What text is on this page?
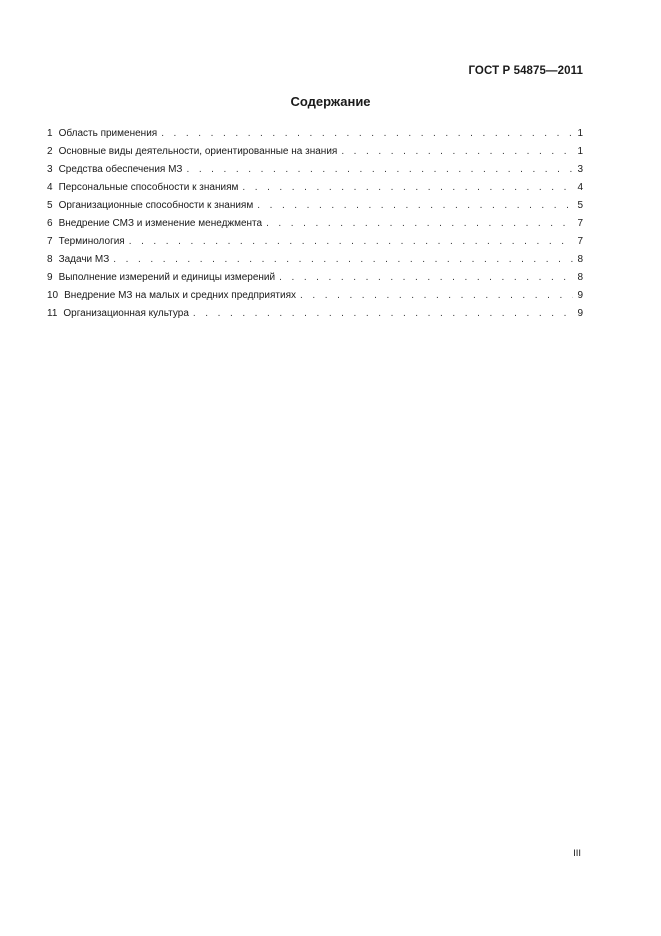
ГОСТ Р 54875—2011
Содержание
1 Область применения . . .	1
2 Основные виды деятельности, ориентированные на знания . . .	1
3 Средства обеспечения МЗ . . .	3
4 Персональные способности к знаниям . . .	4
5 Организационные способности к знаниям . . .	5
6 Внедрение СМЗ и изменение менеджмента . . .	7
7 Терминология . . .	7
8 Задачи МЗ . . .	8
9 Выполнение измерений и единицы измерений . . .	8
10 Внедрение МЗ на малых и средних предприятиях . . .	9
11 Организационная культура . . .	9
III
